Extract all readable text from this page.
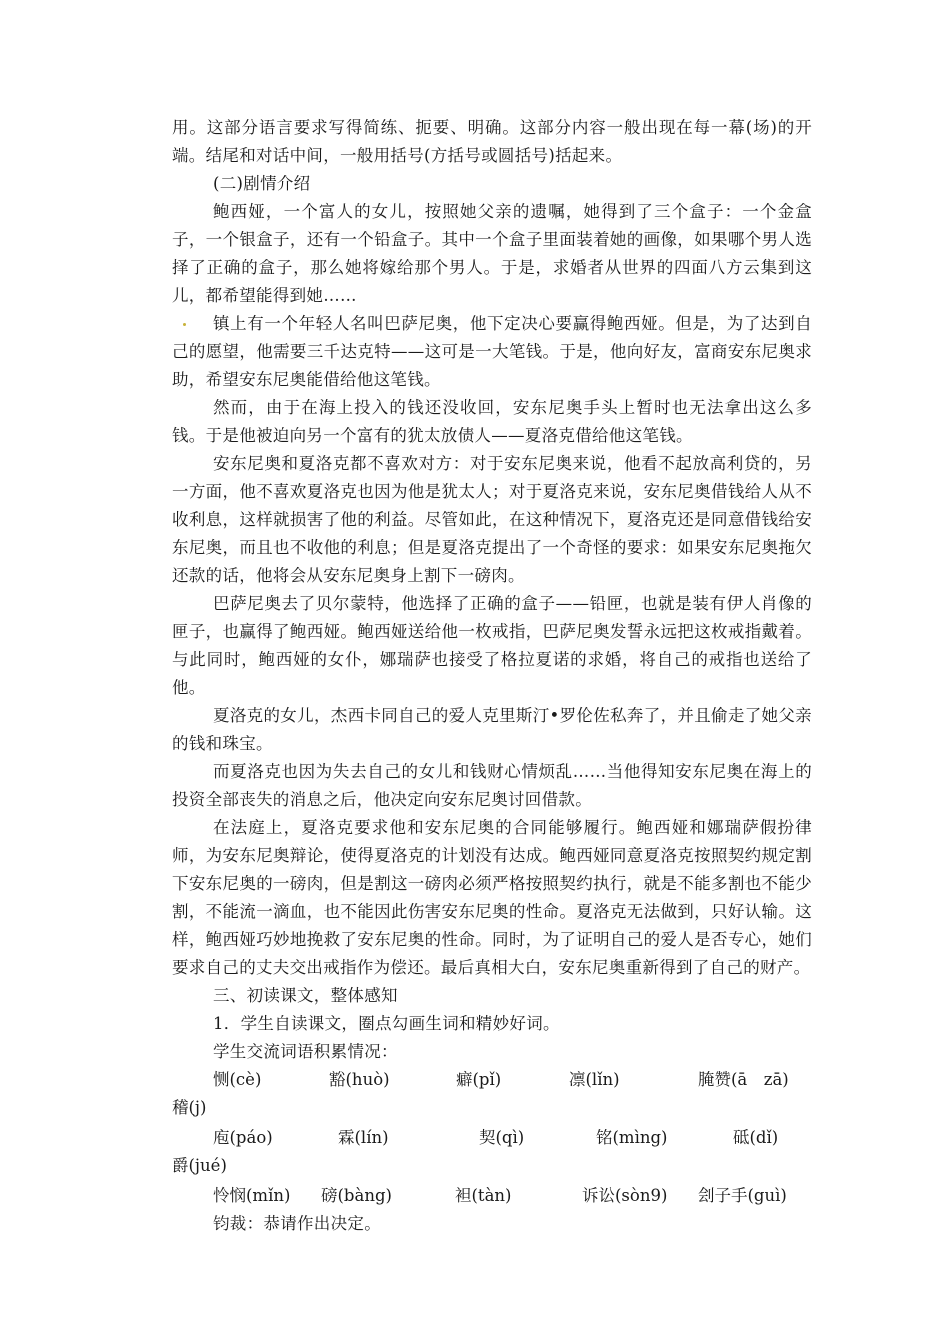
用。这部分语言要求写得简练、扼要、明确。这部分内容一般出现在每一幕(场)的开端。结尾和对话中间，一般用括号(方括号或圆括号)括起来。

(二)剧情介绍

鲍西娅，一个富人的女儿，按照她父亲的遗嘱，她得到了三个盒子：一个金盒子，一个银盒子，还有一个铅盒子。其中一个盒子里面装着她的画像，如果哪个男人选择了正确的盒子，那么她将嫁给那个男人。于是，求婚者从世界的四面八方云集到这儿，都希望能得到她……

镇上有一个年轻人名叫巴萨尼奥，他下定决心要赢得鲍西娅。但是，为了达到自己的愿望，他需要三千达克特——这可是一大笔钱。于是，他向好友，富商安东尼奥求助，希望安东尼奥能借给他这笔钱。

然而，由于在海上投入的钱还没收回，安东尼奥手头上暂时也无法拿出这么多钱。于是他被迫向另一个富有的犹太放债人——夏洛克借给他这笔钱。

安东尼奥和夏洛克都不喜欢对方：对于安东尼奥来说，他看不起放高利贷的，另一方面，他不喜欢夏洛克也因为他是犹太人；对于夏洛克来说，安东尼奥借钱给人从不收利息，这样就损害了他的利益。尽管如此，在这种情况下，夏洛克还是同意借钱给安东尼奥，而且也不收他的利息；但是夏洛克提出了一个奇怪的要求：如果安东尼奥拖欠还款的话，他将会从安东尼奥身上割下一磅肉。

巴萨尼奥去了贝尔蒙特，他选择了正确的盒子——铅匣，也就是装有伊人肖像的匣子，也赢得了鲍西娅。鲍西娅送给他一枚戒指，巴萨尼奥发誓永远把这枚戒指戴着。与此同时，鲍西娅的女仆，娜瑞萨也接受了格拉夏诺的求婚，将自己的戒指也送给了他。

夏洛克的女儿，杰西卡同自己的爱人克里斯汀•罗伦佐私奔了，并且偷走了她父亲的钱和珠宝。

而夏洛克也因为失去自己的女儿和钱财心情烦乱……当他得知安东尼奥在海上的投资全部丧失的消息之后，他决定向安东尼奥讨回借款。

在法庭上，夏洛克要求他和安东尼奥的合同能够履行。鲍西娅和娜瑞萨假扮律师，为安东尼奥辩论，使得夏洛克的计划没有达成。鲍西娅同意夏洛克按照契约规定割下安东尼奥的一磅肉，但是割这一磅肉必须严格按照契约执行，就是不能多割也不能少割，不能流一滴血，也不能因此伤害安东尼奥的性命。夏洛克无法做到，只好认输。这样，鲍西娅巧妙地挽救了安东尼奥的性命。同时，为了证明自己的爱人是否专心，她们要求自己的丈夫交出戒指作为偿还。最后真相大白，安东尼奥重新得到了自己的财产。

三、初读课文，整体感知

1．学生自读课文，圈点勾画生词和精妙好词。

学生交流词语积累情况：

恻(cè)	豁(huò)	癖(pǐ)	凛(lǐn)	腌赞(ā　zā)
稽(j)
庖(páo)	霖(lín)	契(qì)	铭(mìng)	砥(dǐ)
爵(jué)
怜悯(mǐn) 磅(bàng)	袒(tàn)	诉讼(sòn9) 刽子手(guì)

钧裁：恭请作出决定。
